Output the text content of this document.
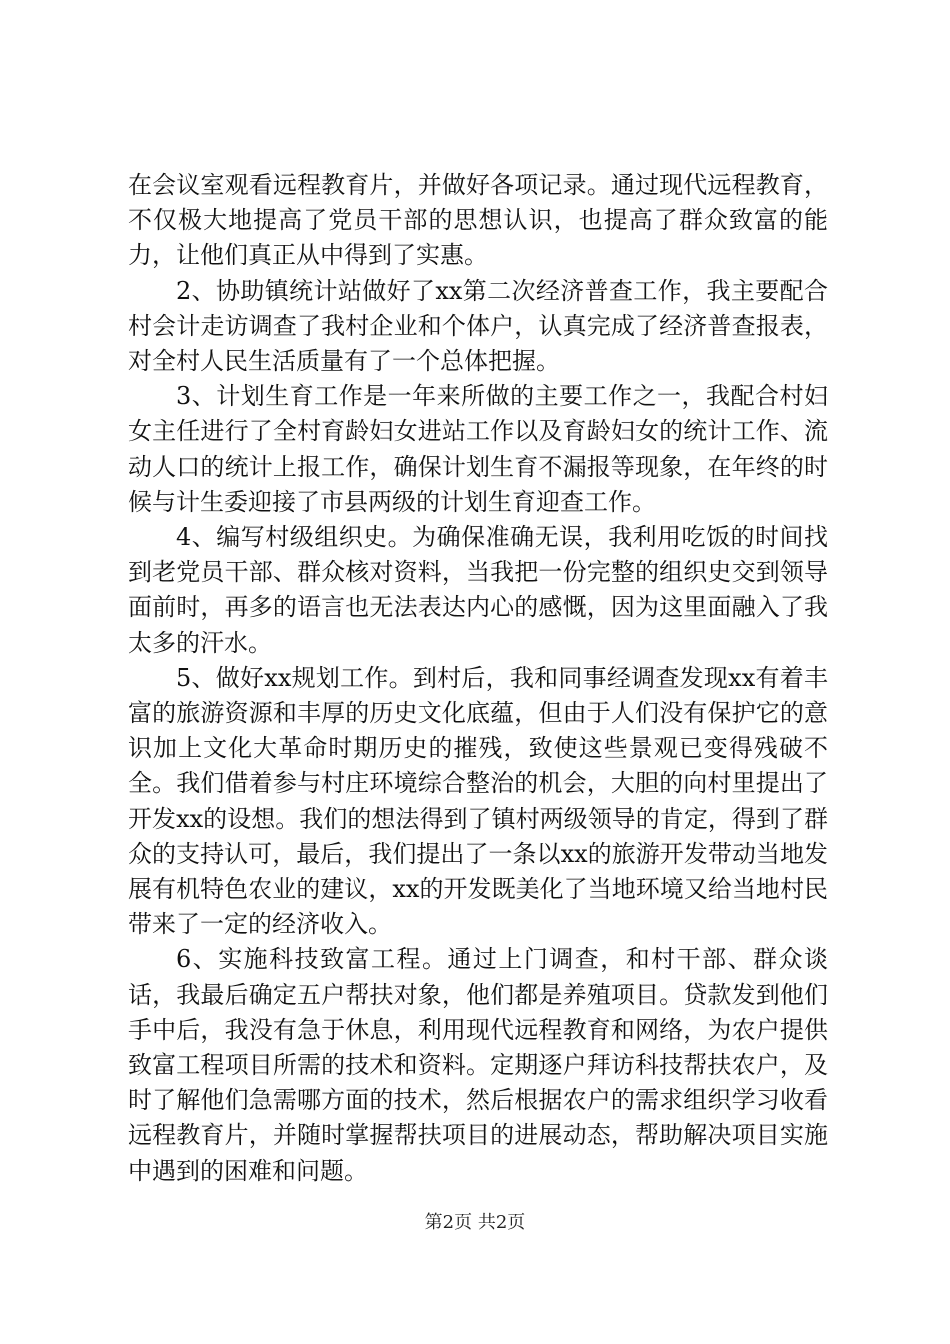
在会议室观看远程教育片，并做好各项记录。通过现代远程教育，不仅极大地提高了党员干部的思想认识，也提高了群众致富的能力，让他们真正从中得到了实惠。

2、协助镇统计站做好了xx第二次经济普查工作，我主要配合村会计走访调查了我村企业和个体户，认真完成了经济普查报表，对全村人民生活质量有了一个总体把握。

3、计划生育工作是一年来所做的主要工作之一，我配合村妇女主任进行了全村育龄妇女进站工作以及育龄妇女的统计工作、流动人口的统计上报工作，确保计划生育不漏报等现象，在年终的时候与计生委迎接了市县两级的计划生育迎查工作。

4、编写村级组织史。为确保准确无误，我利用吃饭的时间找到老党员干部、群众核对资料，当我把一份完整的组织史交到领导面前时，再多的语言也无法表达内心的感慨，因为这里面融入了我太多的汗水。

5、做好xx规划工作。到村后，我和同事经调查发现xx有着丰富的旅游资源和丰厚的历史文化底蕴，但由于人们没有保护它的意识加上文化大革命时期历史的摧残，致使这些景观已变得残破不全。我们借着参与村庄环境综合整治的机会，大胆的向村里提出了开发xx的设想。我们的想法得到了镇村两级领导的肯定，得到了群众的支持认可，最后，我们提出了一条以xx的旅游开发带动当地发展有机特色农业的建议，xx的开发既美化了当地环境又给当地村民带来了一定的经济收入。

6、实施科技致富工程。通过上门调查，和村干部、群众谈话，我最后确定五户帮扶对象，他们都是养殖项目。贷款发到他们手中后，我没有急于休息，利用现代远程教育和网络，为农户提供致富工程项目所需的技术和资料。定期逐户拜访科技帮扶农户，及时了解他们急需哪方面的技术，然后根据农户的需求组织学习收看远程教育片，并随时掌握帮扶项目的进展动态，帮助解决项目实施中遇到的困难和问题。

第2页 共2页
